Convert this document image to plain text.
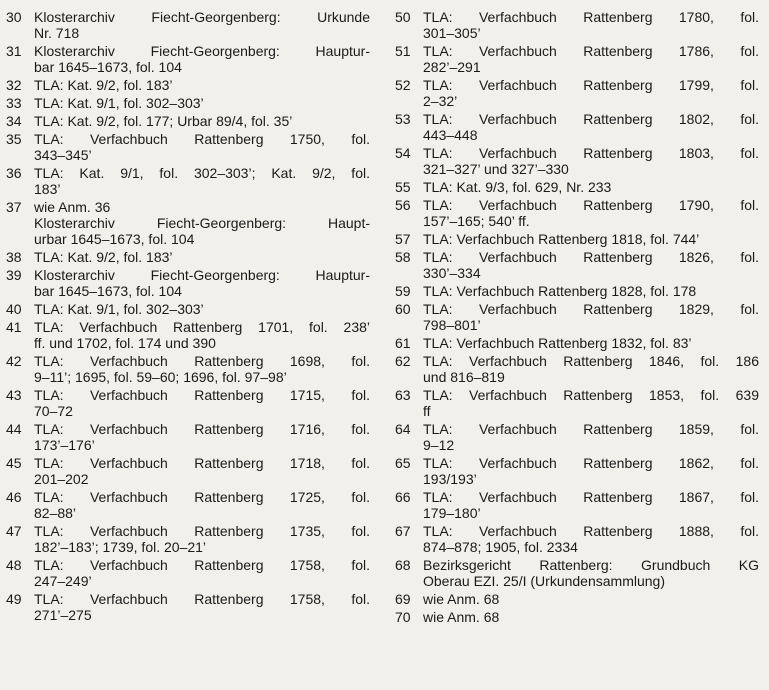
30 Klosterarchiv Fiecht-Georgenberg: Urkunde
Nr. 718
31 Klosterarchiv Fiecht-Georgenberg: Hauptur-
bar 1645–1673, fol. 104
32 TLA: Kat. 9/2, fol. 183’
33 TLA: Kat. 9/1, fol. 302–303’
34 TLA: Kat. 9/2, fol. 177; Urbar 89/4, fol. 35’
35 TLA: Verfachbuch Rattenberg 1750, fol.
343–345’
36 TLA: Kat. 9/1, fol. 302–303’; Kat. 9/2, fol.
183’
37 wie Anm. 36
Klosterarchiv Fiecht-Georgenberg: Haupt-
urbar 1645–1673, fol. 104
38 TLA: Kat. 9/2, fol. 183’
39 Klosterarchiv Fiecht-Georgenberg: Hauptur-
bar 1645–1673, fol. 104
40 TLA: Kat. 9/1, fol. 302–303’
41 TLA: Verfachbuch Rattenberg 1701, fol. 238’
ff. und 1702, fol. 174 und 390
42 TLA: Verfachbuch Rattenberg 1698, fol.
9–11’; 1695, fol. 59–60; 1696, fol. 97–98’
43 TLA: Verfachbuch Rattenberg 1715, fol.
70–72
44 TLA: Verfachbuch Rattenberg 1716, fol.
173’–176’
45 TLA: Verfachbuch Rattenberg 1718, fol.
201–202
46 TLA: Verfachbuch Rattenberg 1725, fol.
82–88’
47 TLA: Verfachbuch Rattenberg 1735, fol.
182’–183’; 1739, fol. 20–21’
48 TLA: Verfachbuch Rattenberg 1758, fol.
247–249’
49 TLA: Verfachbuch Rattenberg 1758, fol.
271’–275
50 TLA: Verfachbuch Rattenberg 1780, fol.
301–305’
51 TLA: Verfachbuch Rattenberg 1786, fol.
282’–291
52 TLA: Verfachbuch Rattenberg 1799, fol.
2–32’
53 TLA: Verfachbuch Rattenberg 1802, fol.
443–448
54 TLA: Verfachbuch Rattenberg 1803, fol.
321–327’ und 327’–330
55 TLA: Kat. 9/3, fol. 629, Nr. 233
56 TLA: Verfachbuch Rattenberg 1790, fol.
157’–165; 540’ ff.
57 TLA: Verfachbuch Rattenberg 1818, fol. 744’
58 TLA: Verfachbuch Rattenberg 1826, fol.
330’–334
59 TLA: Verfachbuch Rattenberg 1828, fol. 178
60 TLA: Verfachbuch Rattenberg 1829, fol.
798–801’
61 TLA: Verfachbuch Rattenberg 1832, fol. 83’
62 TLA: Verfachbuch Rattenberg 1846, fol. 186
und 816–819
63 TLA: Verfachbuch Rattenberg 1853, fol. 639
ff
64 TLA: Verfachbuch Rattenberg 1859, fol.
9–12
65 TLA: Verfachbuch Rattenberg 1862, fol.
193/193’
66 TLA: Verfachbuch Rattenberg 1867, fol.
179–180’
67 TLA: Verfachbuch Rattenberg 1888, fol.
874–878; 1905, fol. 2334
68 Bezirksgericht Rattenberg: Grundbuch KG
Oberau EZI. 25/I (Urkundensammlung)
69 wie Anm. 68
70 wie Anm. 68
